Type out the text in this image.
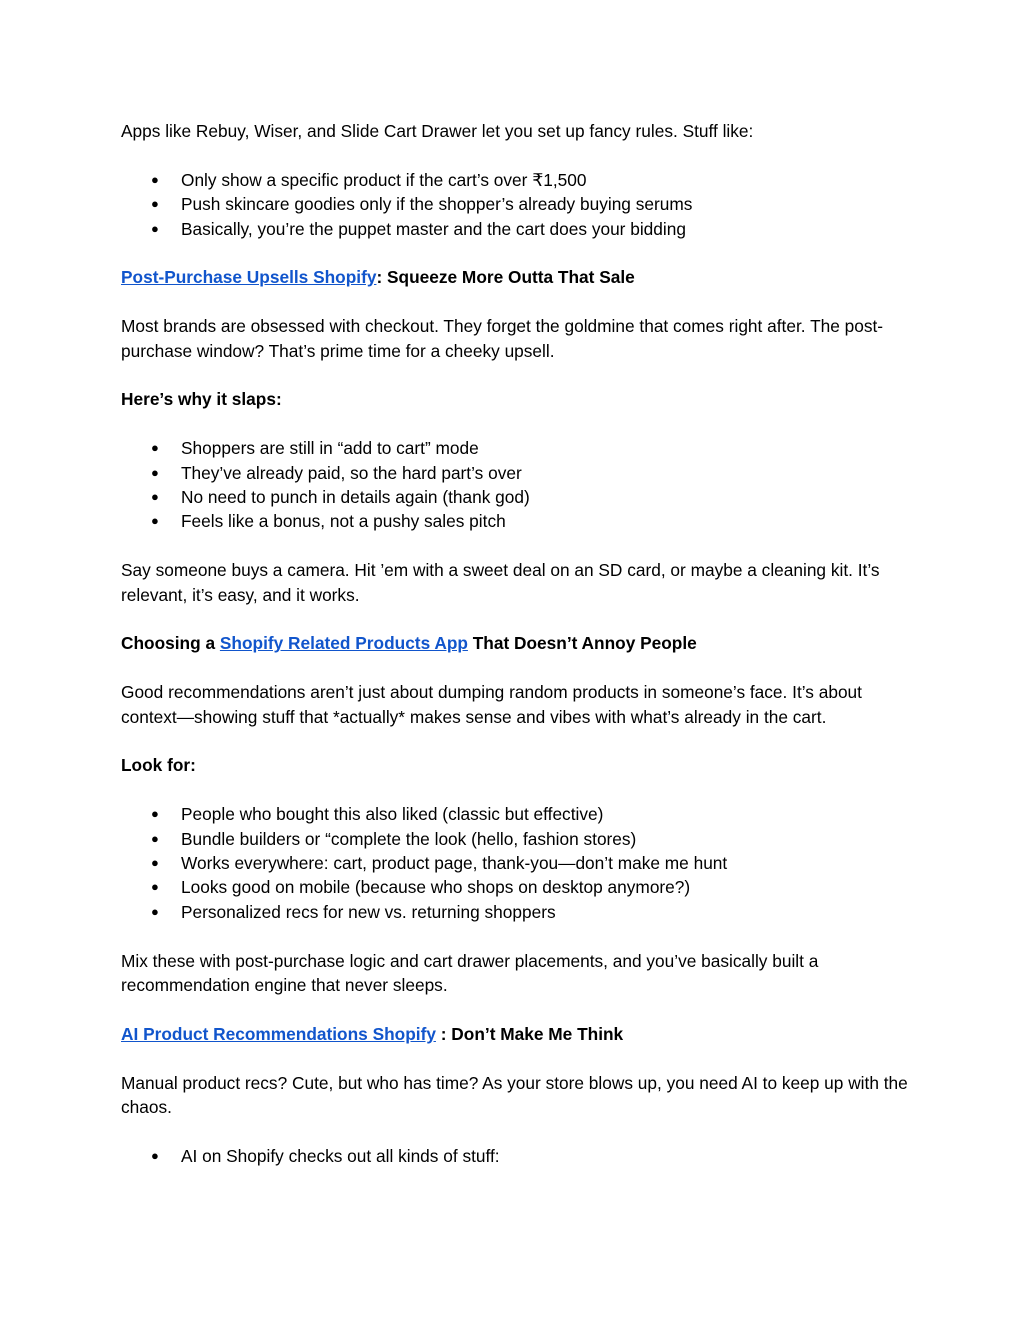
Apps like Rebuy, Wiser, and Slide Cart Drawer let you set up fancy rules. Stuff like:

● Only show a specific product if the cart’s over ₹1,500
● Push skincare goodies only if the shopper’s already buying serums
● Basically, you’re the puppet master and the cart does your bidding

Post-Purchase Upsells Shopify: Squeeze More Outta That Sale

Most brands are obsessed with checkout. They forget the goldmine that comes right after. The post-purchase window? That’s prime time for a cheeky upsell.

Here’s why it slaps:

● Shoppers are still in “add to cart” mode
● They’ve already paid, so the hard part’s over
● No need to punch in details again (thank god)
● Feels like a bonus, not a pushy sales pitch

Say someone buys a camera. Hit ’em with a sweet deal on an SD card, or maybe a cleaning kit. It’s relevant, it’s easy, and it works.

Choosing a Shopify Related Products App That Doesn’t Annoy People

Good recommendations aren’t just about dumping random products in someone’s face. It’s about context—showing stuff that *actually* makes sense and vibes with what’s already in the cart.

Look for:

● People who bought this also liked (classic but effective)
● Bundle builders or “complete the look (hello, fashion stores)
● Works everywhere: cart, product page, thank-you—don’t make me hunt
● Looks good on mobile (because who shops on desktop anymore?)
● Personalized recs for new vs. returning shoppers

Mix these with post-purchase logic and cart drawer placements, and you’ve basically built a recommendation engine that never sleeps.

AI Product Recommendations Shopify : Don’t Make Me Think

Manual product recs? Cute, but who has time? As your store blows up, you need AI to keep up with the chaos.

● AI on Shopify checks out all kinds of stuff:
